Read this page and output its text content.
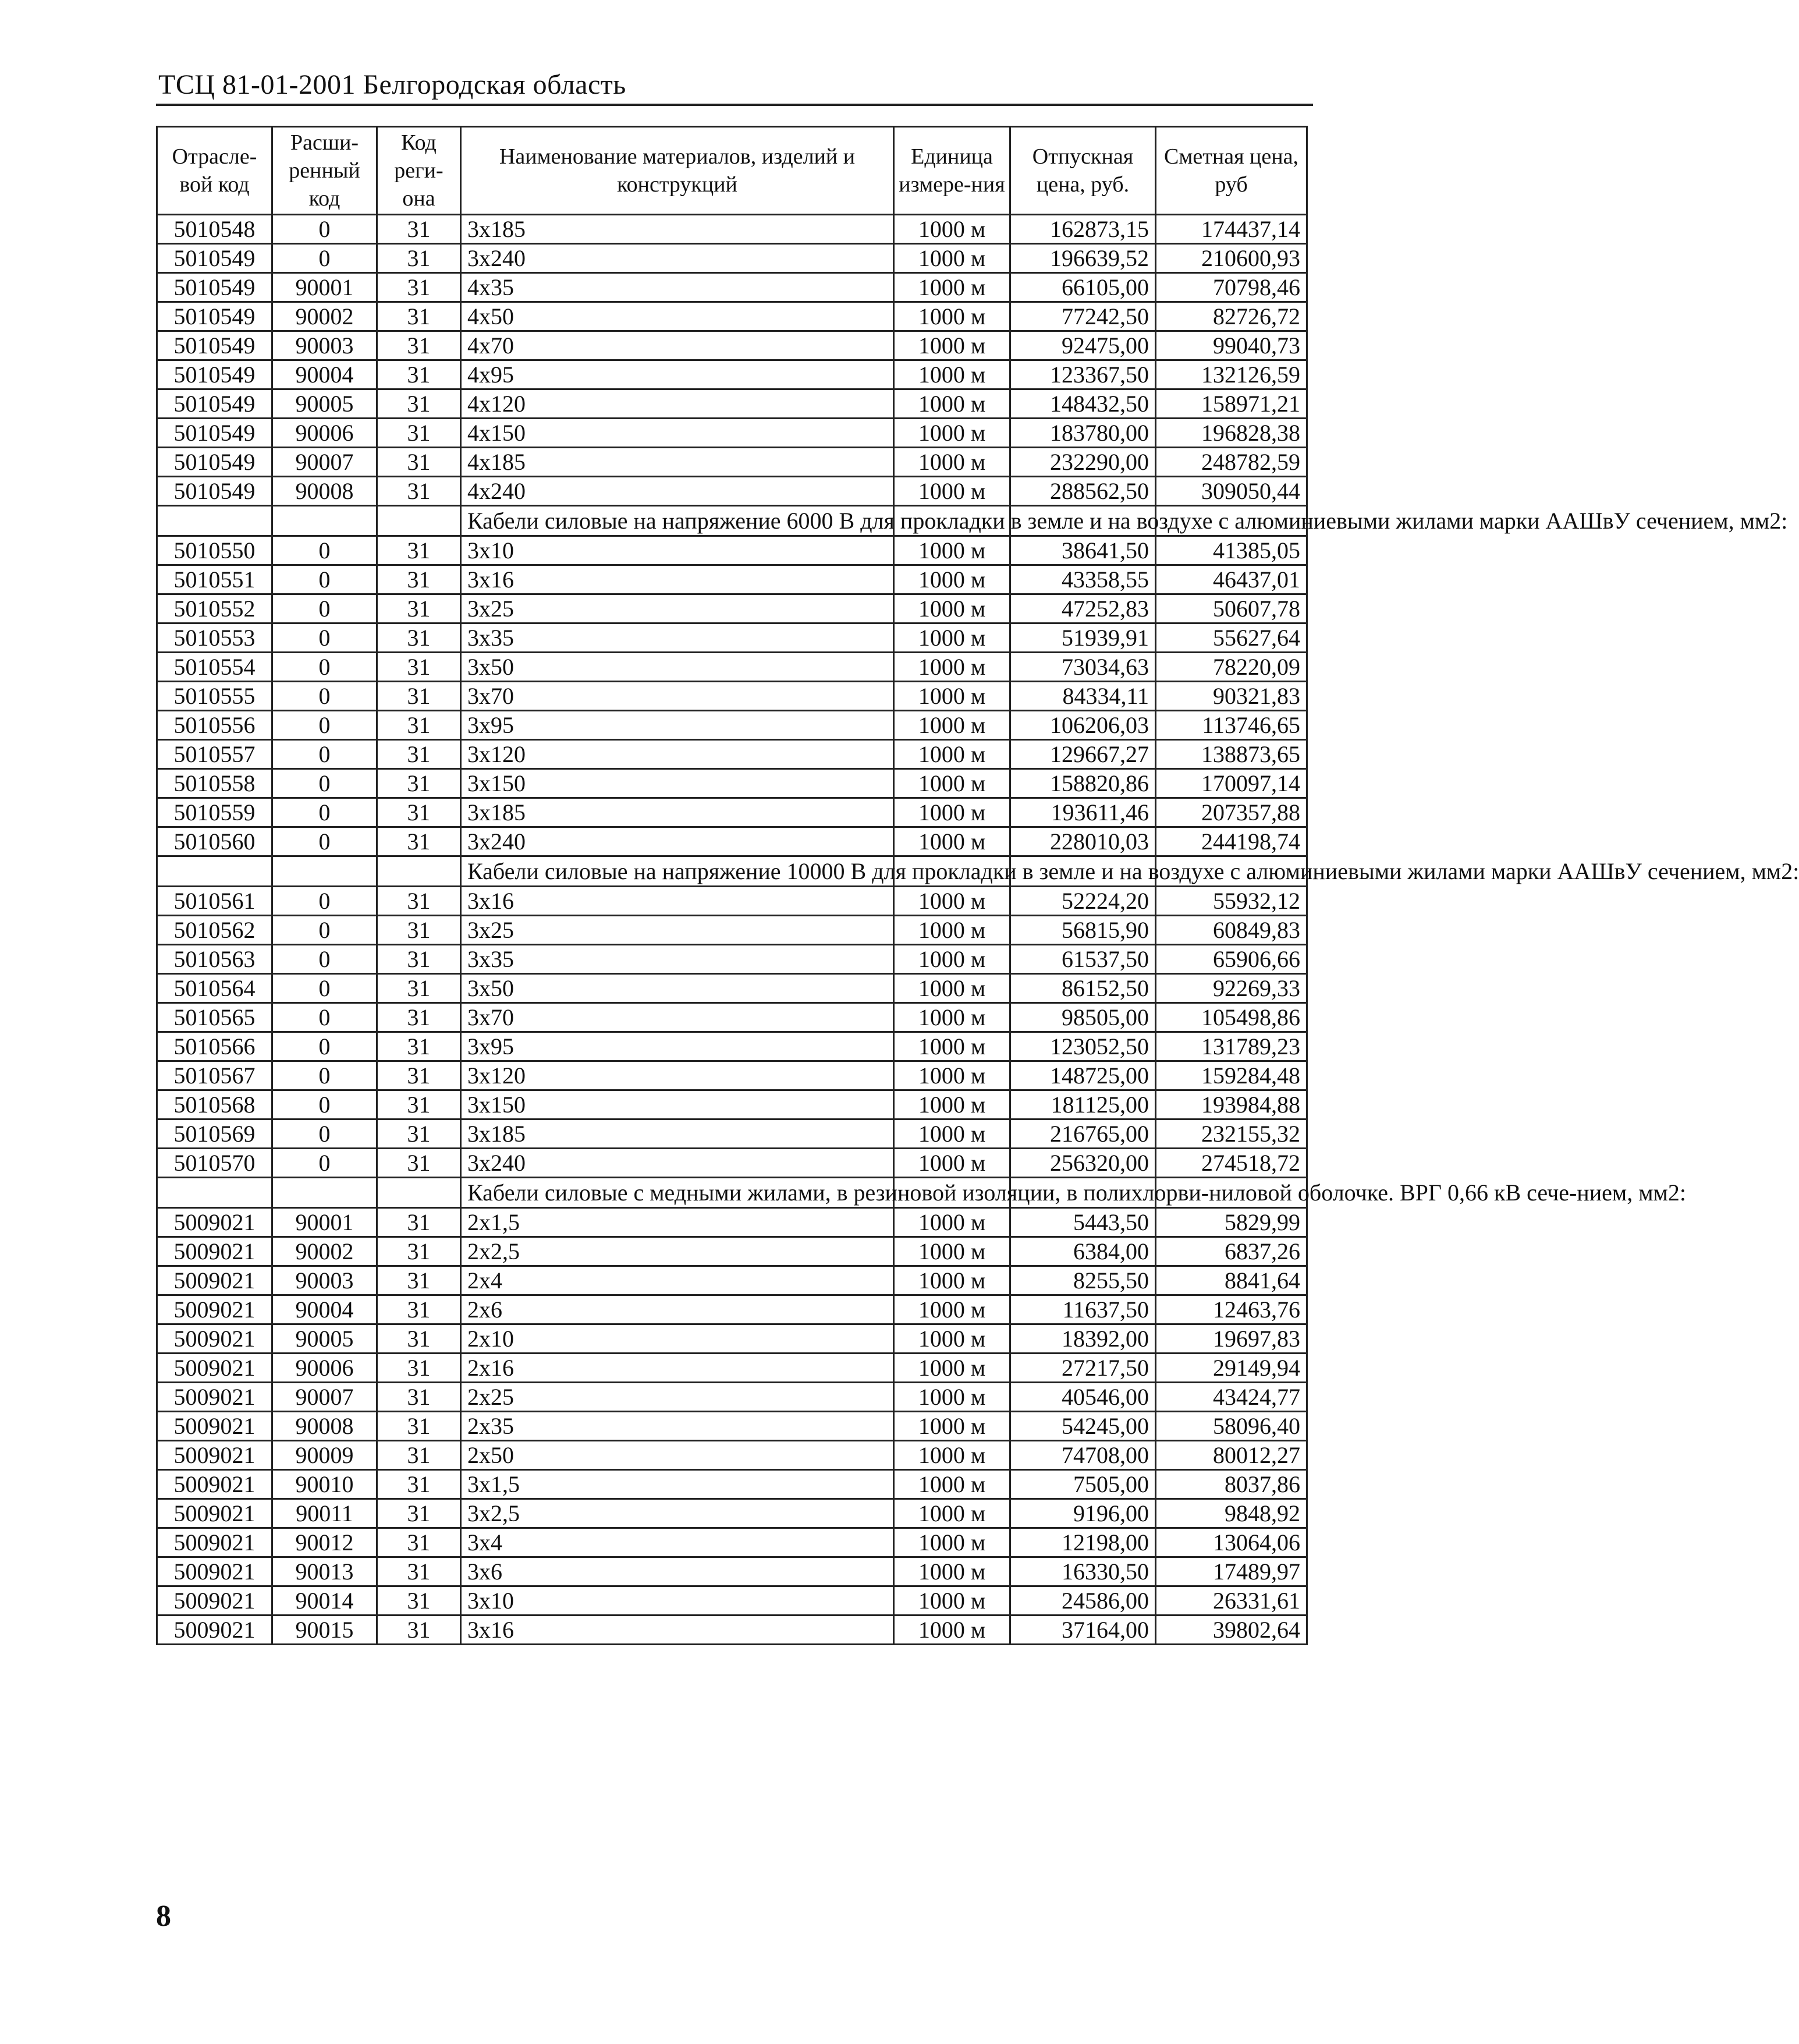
ТСЦ 81-01-2001 Белгородская область
Отрасле-вой код	Расши-ренный код	Код реги-она	Наименование материалов, изделий и конструкций	Единица измере-ния	Отпускная цена, руб.	Сметная цена, руб
5010548	0	31	3х185	1000 м	162873,15	174437,14
5010549	0	31	3х240	1000 м	196639,52	210600,93
5010549	90001	31	4х35	1000 м	66105,00	70798,46
5010549	90002	31	4х50	1000 м	77242,50	82726,72
5010549	90003	31	4х70	1000 м	92475,00	99040,73
5010549	90004	31	4х95	1000 м	123367,50	132126,59
5010549	90005	31	4х120	1000 м	148432,50	158971,21
5010549	90006	31	4х150	1000 м	183780,00	196828,38
5010549	90007	31	4х185	1000 м	232290,00	248782,59
5010549	90008	31	4х240	1000 м	288562,50	309050,44
			Кабели силовые на напряжение 6000 В для прокладки в земле и на воздухе с алюминиевыми жилами марки ААШвУ сечением, мм2:			
5010550	0	31	3х10	1000 м	38641,50	41385,05
5010551	0	31	3х16	1000 м	43358,55	46437,01
5010552	0	31	3х25	1000 м	47252,83	50607,78
5010553	0	31	3х35	1000 м	51939,91	55627,64
5010554	0	31	3х50	1000 м	73034,63	78220,09
5010555	0	31	3х70	1000 м	84334,11	90321,83
5010556	0	31	3х95	1000 м	106206,03	113746,65
5010557	0	31	3х120	1000 м	129667,27	138873,65
5010558	0	31	3х150	1000 м	158820,86	170097,14
5010559	0	31	3х185	1000 м	193611,46	207357,88
5010560	0	31	3х240	1000 м	228010,03	244198,74
			Кабели силовые на напряжение 10000 В для прокладки в земле и на воздухе с алюминиевыми жилами марки ААШвУ сечением, мм2:			
5010561	0	31	3х16	1000 м	52224,20	55932,12
5010562	0	31	3х25	1000 м	56815,90	60849,83
5010563	0	31	3х35	1000 м	61537,50	65906,66
5010564	0	31	3х50	1000 м	86152,50	92269,33
5010565	0	31	3х70	1000 м	98505,00	105498,86
5010566	0	31	3х95	1000 м	123052,50	131789,23
5010567	0	31	3х120	1000 м	148725,00	159284,48
5010568	0	31	3х150	1000 м	181125,00	193984,88
5010569	0	31	3х185	1000 м	216765,00	232155,32
5010570	0	31	3х240	1000 м	256320,00	274518,72
			Кабели силовые с медными жилами, в резиновой изоляции, в полихлорви-ниловой оболочке. ВРГ 0,66 кВ сече-нием, мм2:			
5009021	90001	31	2х1,5	1000 м	5443,50	5829,99
5009021	90002	31	2х2,5	1000 м	6384,00	6837,26
5009021	90003	31	2х4	1000 м	8255,50	8841,64
5009021	90004	31	2х6	1000 м	11637,50	12463,76
5009021	90005	31	2х10	1000 м	18392,00	19697,83
5009021	90006	31	2х16	1000 м	27217,50	29149,94
5009021	90007	31	2х25	1000 м	40546,00	43424,77
5009021	90008	31	2х35	1000 м	54245,00	58096,40
5009021	90009	31	2х50	1000 м	74708,00	80012,27
5009021	90010	31	3х1,5	1000 м	7505,00	8037,86
5009021	90011	31	3х2,5	1000 м	9196,00	9848,92
5009021	90012	31	3х4	1000 м	12198,00	13064,06
5009021	90013	31	3х6	1000 м	16330,50	17489,97
5009021	90014	31	3х10	1000 м	24586,00	26331,61
5009021	90015	31	3х16	1000 м	37164,00	39802,64
8
